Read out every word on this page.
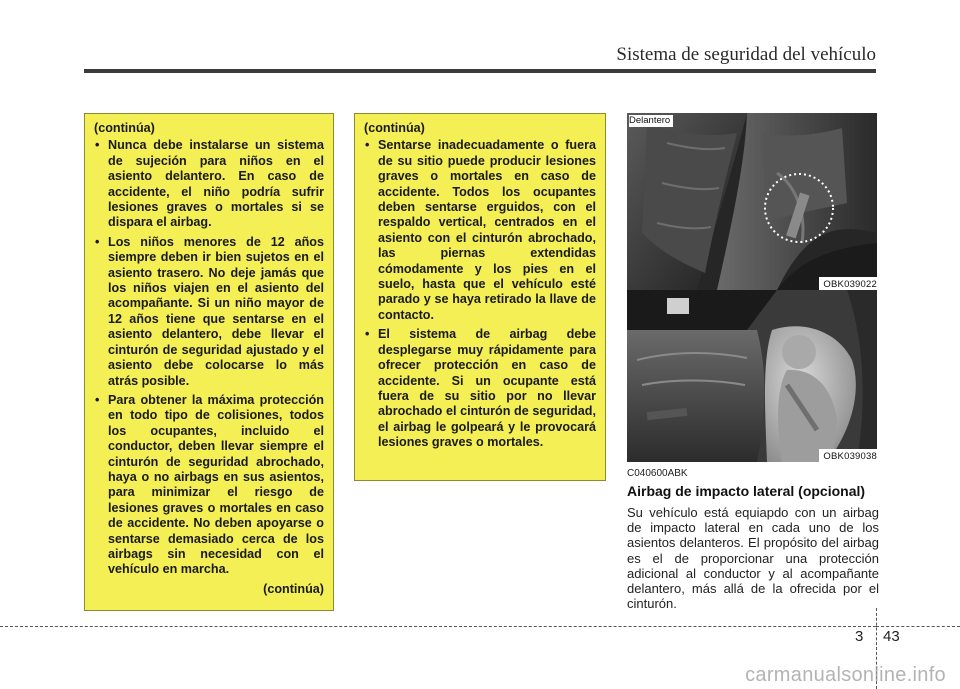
Sistema de seguridad del vehículo
(continúa)
• Nunca debe instalarse un sistema de sujeción para niños en el asiento delantero. En caso de accidente, el niño podría sufrir lesiones graves o mortales si se dispara el airbag.
• Los niños menores de 12 años siempre deben ir bien sujetos en el asiento trasero. No deje jamás que los niños viajen en el asiento del acompañante. Si un niño mayor de 12 años tiene que sentarse en el asiento delantero, debe llevar el cinturón de seguridad ajustado y el asiento debe colocarse lo más atrás posible.
• Para obtener la máxima protección en todo tipo de colisiones, todos los ocupantes, incluido el conductor, deben llevar siempre el cinturón de seguridad abrochado, haya o no airbags en sus asientos, para minimizar el riesgo de lesiones graves o mortales en caso de accidente. No deben apoyarse o sentarse demasiado cerca de los airbags sin necesidad con el vehículo en marcha.
(continúa)
(continúa)
• Sentarse inadecuadamente o fuera de su sitio puede producir lesiones graves o mortales en caso de accidente. Todos los ocupantes deben sentarse erguidos, con el respaldo vertical, centrados en el asiento con el cinturón abrochado, las piernas extendidas cómodamente y los pies en el suelo, hasta que el vehículo esté parado y se haya retirado la llave de contacto.
• El sistema de airbag debe desplegarse muy rápidamente para ofrecer protección en caso de accidente. Si un ocupante está fuera de su sitio por no llevar abrochado el cinturón de seguridad, el airbag le golpeará y le provocará lesiones graves o mortales.
Delantero
OBK039022
OBK039038
C040600ABK
Airbag de impacto lateral (opcional)
Su vehículo está equiapdo con un airbag de impacto lateral en cada uno de los asientos delanteros. El propósito del airbag es el de proporcionar una protección adicional al conductor y al acompañante delantero, más allá de la ofrecida por el cinturón.
3 43
carmanualsonline.info
